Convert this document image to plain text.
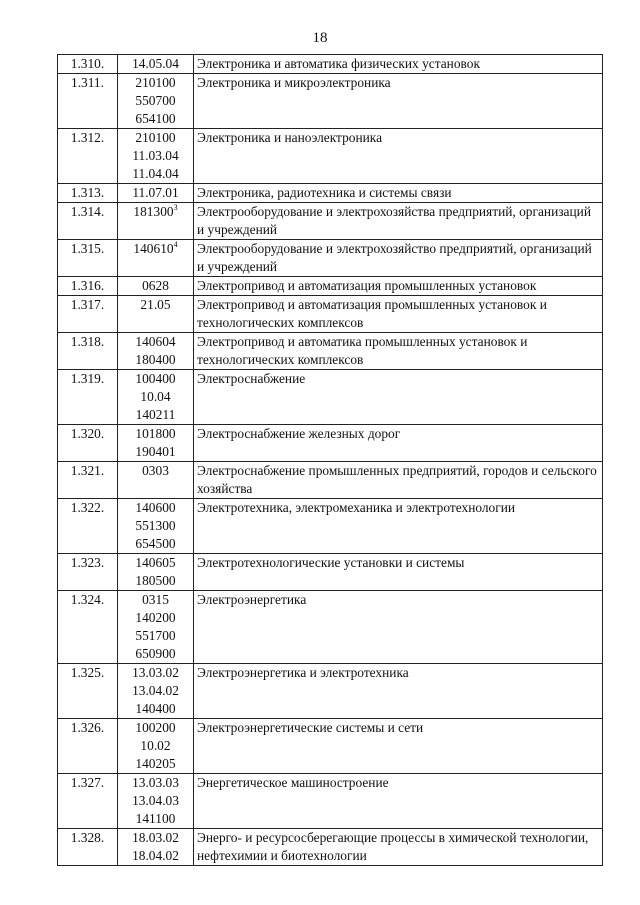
18
1.310.	14.05.04	Электроника и автоматика физических установок
1.311.	210100
550700
654100	Электроника и микроэлектроника
1.312.	210100
11.03.04
11.04.04	Электроника и наноэлектроника
1.313.	11.07.01	Электроника, радиотехника и системы связи
1.314.	181300$^3$	Электрооборудование и электрохозяйства предприятий, организаций и учреждений
1.315.	140610$^4$	Электрооборудование и электрохозяйство предприятий, организаций и учреждений
1.316.	0628	Электропривод и автоматизация промышленных установок
1.317.	21.05	Электропривод и автоматизация промышленных установок и технологических комплексов
1.318.	140604
180400	Электропривод и автоматика промышленных установок и технологических комплексов
1.319.	100400
10.04
140211	Электроснабжение
1.320.	101800
190401	Электроснабжение железных дорог
1.321.	0303	Электроснабжение промышленных предприятий, городов и сельского хозяйства
1.322.	140600
551300
654500	Электротехника, электромеханика и электротехнологии
1.323.	140605
180500	Электротехнологические установки и системы
1.324.	0315
140200
551700
650900	Электроэнергетика
1.325.	13.03.02
13.04.02
140400	Электроэнергетика и электротехника
1.326.	100200
10.02
140205	Электроэнергетические системы и сети
1.327.	13.03.03
13.04.03
141100	Энергетическое машиностроение
1.328.	18.03.02
18.04.02	Энерго- и ресурсосберегающие процессы в химической технологии, нефтехимии и биотехнологии
